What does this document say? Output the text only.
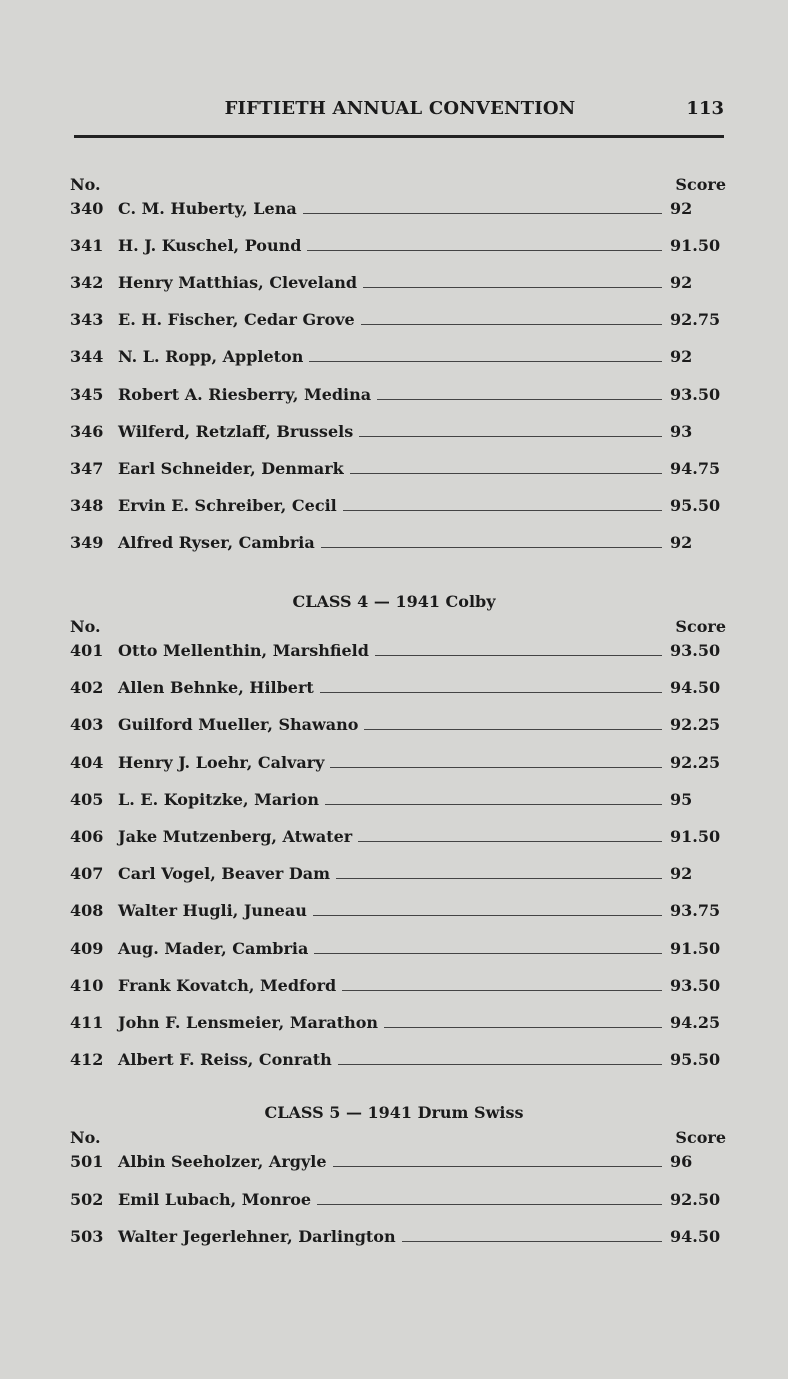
FIFTIETH ANNUAL CONVENTION	113
No.	Score
340 C. M. Huberty, Lena	92
341 H. J. Kuschel, Pound	91.50
342 Henry Matthias, Cleveland	92
343 E. H. Fischer, Cedar Grove	92.75
344 N. L. Ropp, Appleton	92
345 Robert A. Riesberry, Medina	93.50
346 Wilferd, Retzlaff, Brussels	93
347 Earl Schneider, Denmark	94.75
348 Ervin E. Schreiber, Cecil	95.50
349 Alfred Ryser, Cambria	92
CLASS 4 — 1941 Colby
No.	Score
401 Otto Mellenthin, Marshfield	93.50
402 Allen Behnke, Hilbert	94.50
403 Guilford Mueller, Shawano	92.25
404 Henry J. Loehr, Calvary	92.25
405 L. E. Kopitzke, Marion	95
406 Jake Mutzenberg, Atwater	91.50
407 Carl Vogel, Beaver Dam	92
408 Walter Hugli, Juneau	93.75
409 Aug. Mader, Cambria	91.50
410 Frank Kovatch, Medford	93.50
411 John F. Lensmeier, Marathon	94.25
412 Albert F. Reiss, Conrath	95.50
CLASS 5 — 1941 Drum Swiss
No.	Score
501 Albin Seeholzer, Argyle	96
502 Emil Lubach, Monroe	92.50
503 Walter Jegerlehner, Darlington	94.50
